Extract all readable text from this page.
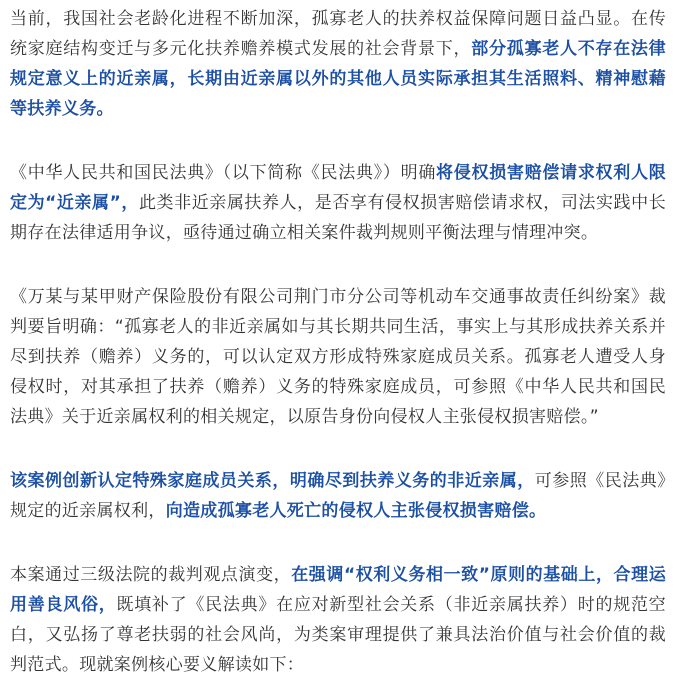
当前，我国社会老龄化进程不断加深，孤寡老人的扶养权益保障问题日益凸显。在传统家庭结构变迁与多元化扶养赡养模式发展的社会背景下，部分孤寡老人不存在法律规定意义上的近亲属，长期由近亲属以外的其他人员实际承担其生活照料、精神慰藉等扶养义务。

《中华人民共和国民法典》（以下简称《民法典》）明确将侵权损害赔偿请求权利人限定为“近亲属”，此类非近亲属扶养人，是否享有侵权损害赔偿请求权，司法实践中长期存在法律适用争议，亟待通过确立相关案件裁判规则平衡法理与情理冲突。

《万某与某甲财产保险股份有限公司荆门市分公司等机动车交通事故责任纠纷案》裁判要旨明确：“孤寡老人的非近亲属如与其长期共同生活，事实上与其形成扶养关系并尽到扶养（赡养）义务的，可以认定双方形成特殊家庭成员关系。孤寡老人遭受人身侵权时，对其承担了扶养（赡养）义务的特殊家庭成员，可参照《中华人民共和国民法典》关于近亲属权利的相关规定，以原告身份向侵权人主张侵权损害赔偿。”

该案例创新认定特殊家庭成员关系，明确尽到扶养义务的非近亲属，可参照《民法典》规定的近亲属权利，向造成孤寡老人死亡的侵权人主张侵权损害赔偿。

本案通过三级法院的裁判观点演变，在强调“权利义务相一致”原则的基础上，合理运用善良风俗，既填补了《民法典》在应对新型社会关系（非近亲属扶养）时的规范空白，又弘扬了尊老扶弱的社会风尚，为类案审理提供了兼具法治价值与社会价值的裁判范式。现就案例核心要义解读如下：
